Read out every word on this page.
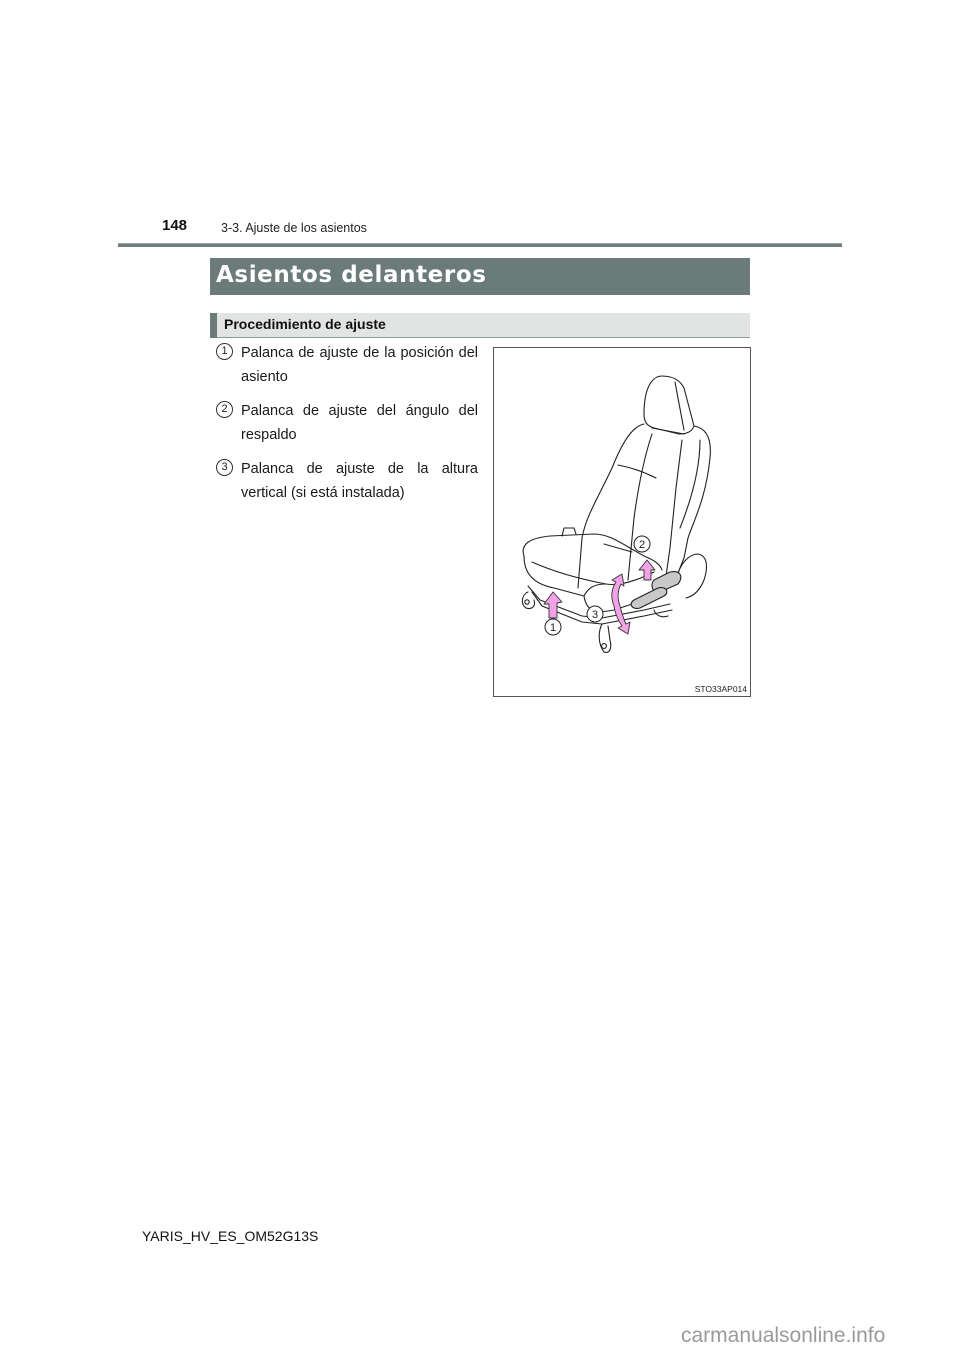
148	3-3. Ajuste de los asientos
Asientos delanteros
Procedimiento de ajuste
1 Palanca de ajuste de la posición del asiento
2 Palanca de ajuste del ángulo del respaldo
3 Palanca de ajuste de la altura vertical (si está instalada)
1
3
2
STO33AP014
YARIS_HV_ES_OM52G13S
carmanualsonline.info
